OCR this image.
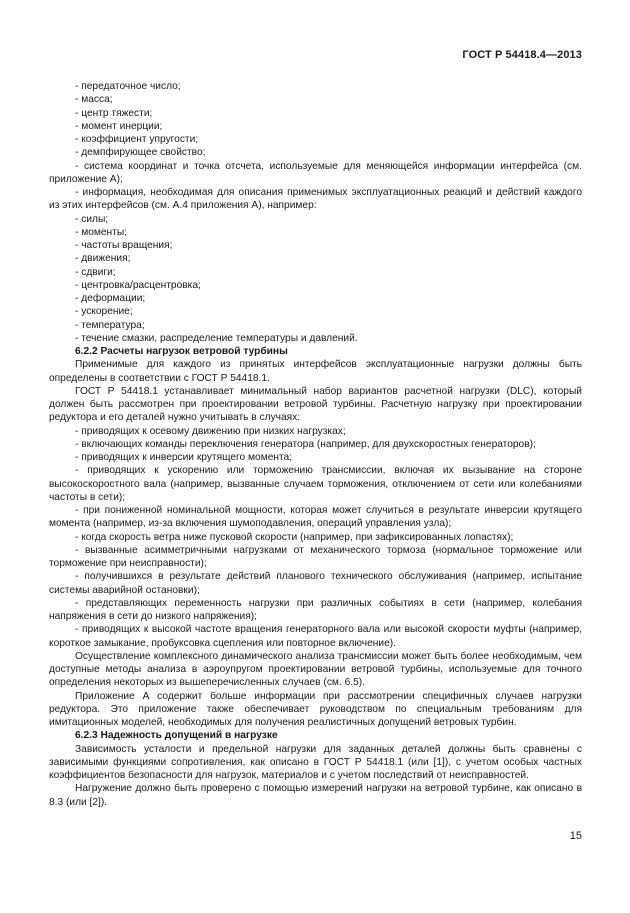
ГОСТ Р 54418.4—2013

- передаточное число;

- масса;

- центр тяжести;

- момент инерции;

- коэффициент упругости;

- демпфирующее свойство;

- система координат и точка отсчета, используемые для меняющейся информации интерфейса (см. приложение А);

- информация, необходимая для описания применимых эксплуатационных реакций и действий каждого из этих интерфейсов (см. А.4 приложения А), например:

- силы;

- моменты;

- частоты вращения;

- движения;

- сдвиги;

- центровка/расцентровка;

- деформации;

- ускорение;

- температура;

- течение смазки, распределение температуры и давлений.

6.2.2 Расчеты нагрузок ветровой турбины

Применимые для каждого из принятых интерфейсов эксплуатационные нагрузки должны быть определены в соответствии с ГОСТ Р 54418.1.

ГОСТ Р 54418.1 устанавливает минимальный набор вариантов расчетной нагрузки (DLC), который должен быть рассмотрен при проектировании ветровой турбины. Расчетную нагрузку при проектировании редуктора и его деталей нужно учитывать в случаях:

- приводящих к осевому движению при низких нагрузках;

- включающих команды переключения генератора (например, для двухскоростных генераторов);

- приводящих к инверсии крутящего момента;

- приводящих к ускорению или торможению трансмиссии, включая их вызывание на стороне высокоскоростного вала (например, вызванные случаем торможения, отключением от сети или колебаниями частоты в сети);

- при пониженной номинальной мощности, которая может случиться в результате инверсии крутящего момента (например, из-за включения шумоподавления, операций управления узла);

- когда скорость ветра ниже пусковой скорости (например, при зафиксированных лопастях);

- вызванные асимметричными нагрузками от механического тормоза (нормальное торможение или торможение при неисправности);

- получившихся в результате действий планового технического обслуживания (например, испытание системы аварийной остановки);

- представляющих переменность нагрузки при различных событиях в сети (например, колебания напряжения в сети до низкого напряжения);

- приводящих к высокой частоте вращения генераторного вала или высокой скорости муфты (например, короткое замыкание, пробуксовка сцепления или повторное включение).

Осуществление комплексного динамического анализа трансмиссии может быть более необходимым, чем доступные методы анализа в аэроупругом проектировании ветровой турбины, используемые для точного определения некоторых из вышеперечисленных случаев (см. 6.5).

Приложение А содержит больше информации при рассмотрении специфичных случаев нагрузки редуктора. Это приложение также обеспечивает руководством по специальным требованиям для имитационных моделей, необходимых для получения реалистичных допущений ветровых турбин.

6.2.3 Надежность допущений в нагрузке

Зависимость усталости и предельной нагрузки для заданных деталей должны быть сравнены с зависимыми функциями сопротивления, как описано в ГОСТ Р 54418.1 (или [1]), с учетом особых частных коэффициентов безопасности для нагрузок, материалов и с учетом последствий от неисправностей.

Нагружение должно быть проверено с помощью измерений нагрузки на ветровой турбине, как описано в 8.3 (или [2]).

15
